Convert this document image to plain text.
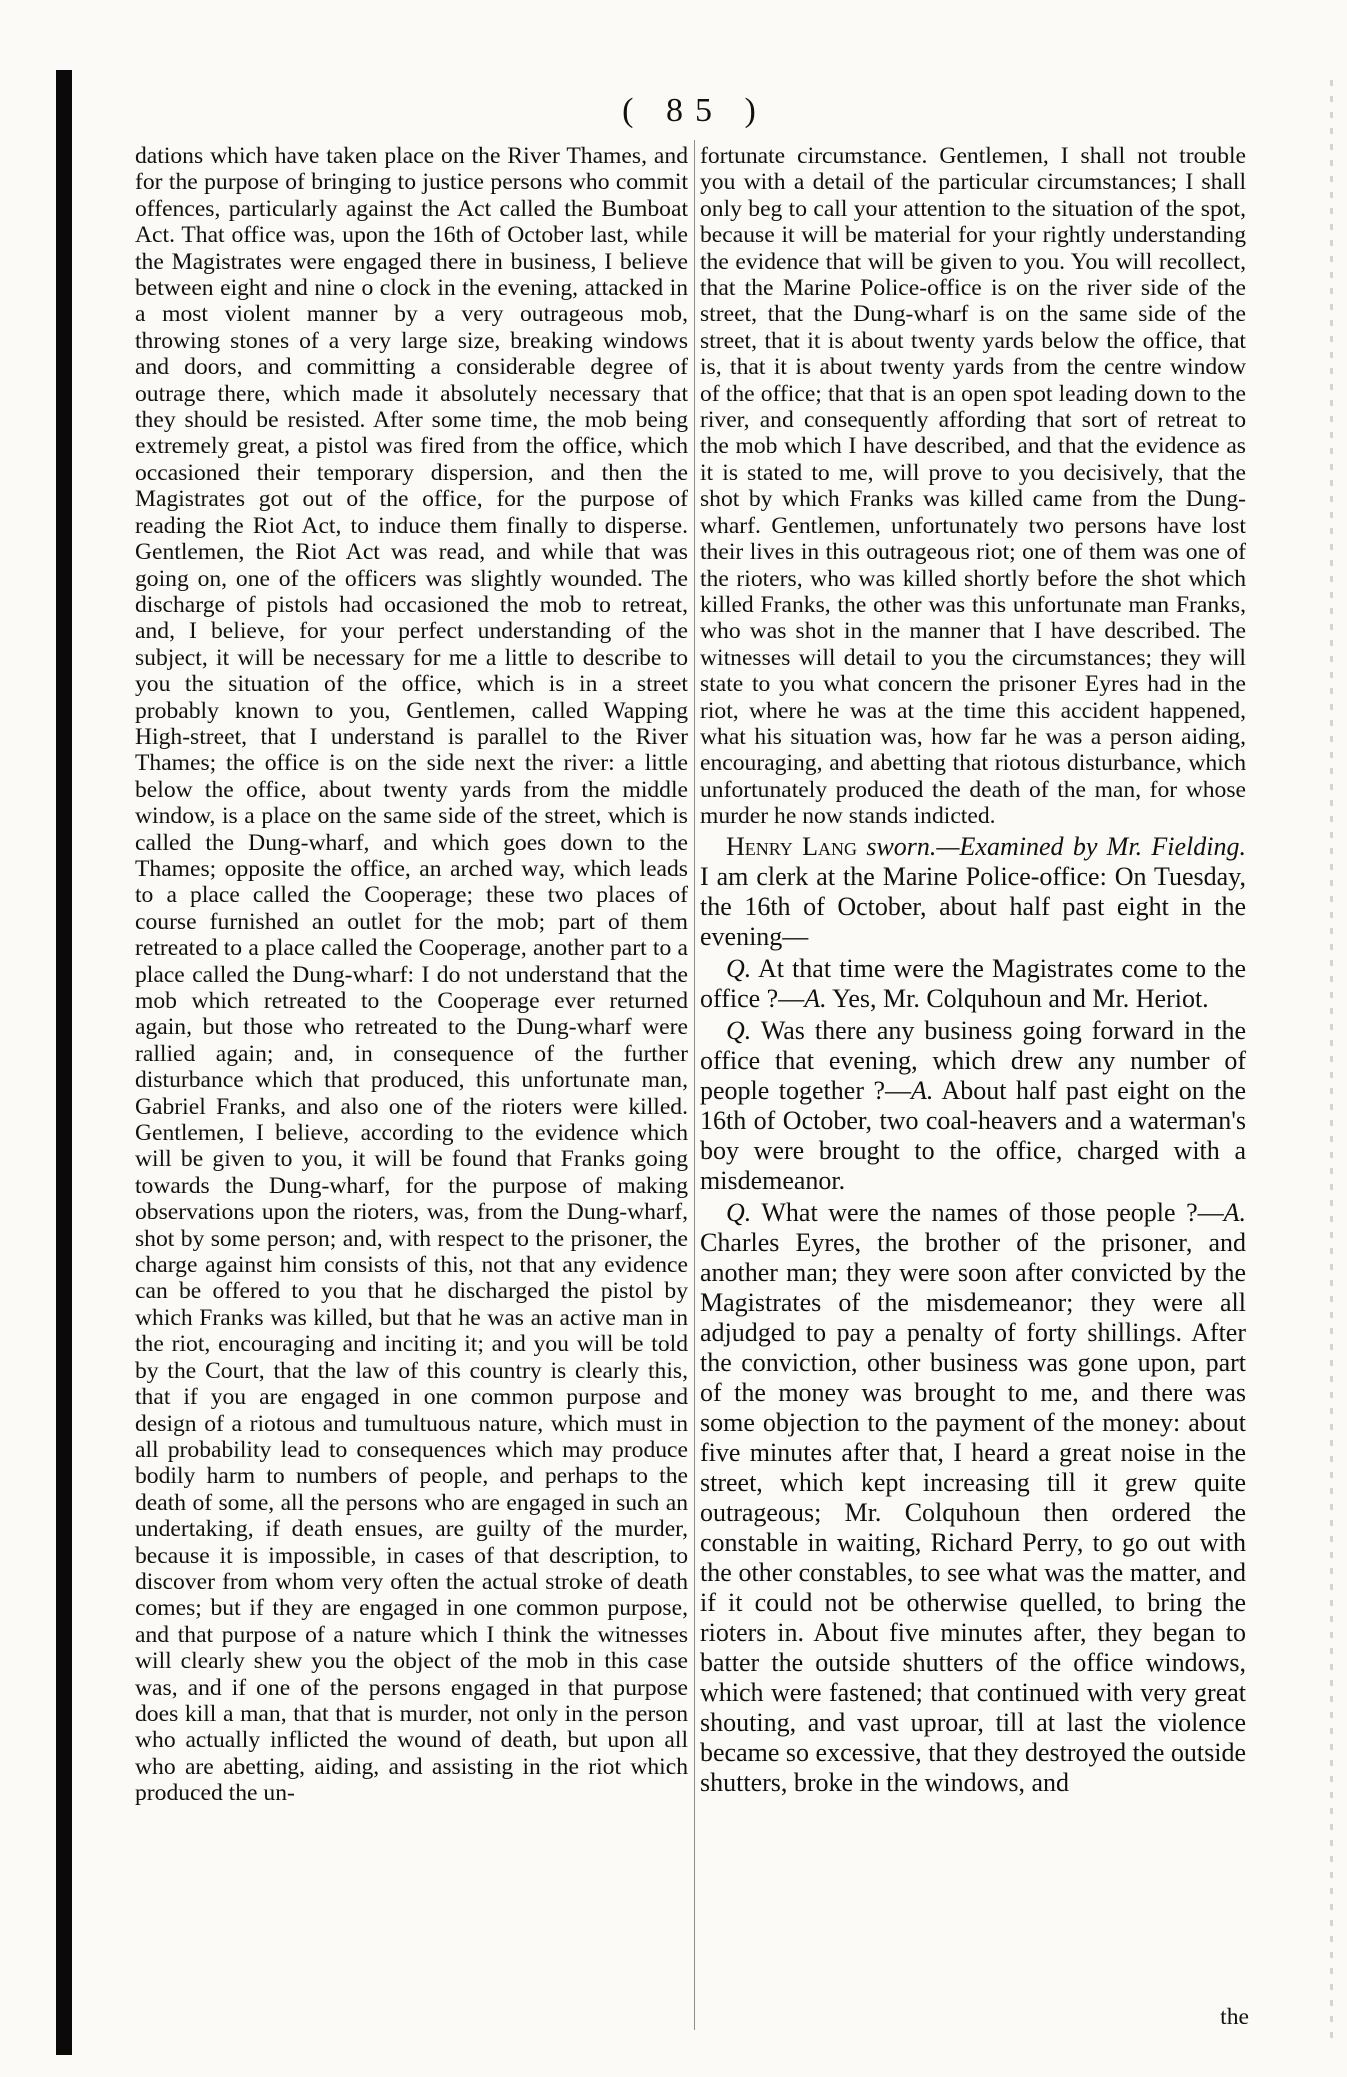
( 85 )
dations which have taken place on the River Thames, and for the purpose of bringing to justice persons who commit offences, particularly against the Act called the Bumboat Act. That office was, upon the 16th of October last, while the Magistrates were engaged there in business, I believe between eight and nine o clock in the evening, attacked in a most violent manner by a very outrageous mob, throwing stones of a very large size, breaking windows and doors, and committing a considerable degree of outrage there, which made it absolutely necessary that they should be resisted. After some time, the mob being extremely great, a pistol was fired from the office, which occasioned their temporary dispersion, and then the Magistrates got out of the office, for the purpose of reading the Riot Act, to induce them finally to disperse. Gentlemen, the Riot Act was read, and while that was going on, one of the officers was slightly wounded. The discharge of pistols had occasioned the mob to retreat, and, I believe, for your perfect understanding of the subject, it will be necessary for me a little to describe to you the situation of the office, which is in a street probably known to you, Gentlemen, called Wapping High-street, that I understand is parallel to the River Thames; the office is on the side next the river: a little below the office, about twenty yards from the middle window, is a place on the same side of the street, which is called the Dung-wharf, and which goes down to the Thames; opposite the office, an arched way, which leads to a place called the Cooperage; these two places of course furnished an outlet for the mob; part of them retreated to a place called the Cooperage, another part to a place called the Dung-wharf: I do not understand that the mob which retreated to the Cooperage ever returned again, but those who retreated to the Dung-wharf were rallied again; and, in consequence of the further disturbance which that produced, this unfortunate man, Gabriel Franks, and also one of the rioters were killed. Gentlemen, I believe, according to the evidence which will be given to you, it will be found that Franks going towards the Dung-wharf, for the purpose of making observations upon the rioters, was, from the Dung-wharf, shot by some person; and, with respect to the prisoner, the charge against him consists of this, not that any evidence can be offered to you that he discharged the pistol by which Franks was killed, but that he was an active man in the riot, encouraging and inciting it; and you will be told by the Court, that the law of this country is clearly this, that if you are engaged in one common purpose and design of a riotous and tumultuous nature, which must in all probability lead to consequences which may produce bodily harm to numbers of people, and perhaps to the death of some, all the persons who are engaged in such an undertaking, if death ensues, are guilty of the murder, because it is impossible, in cases of that description, to discover from whom very often the actual stroke of death comes; but if they are engaged in one common purpose, and that purpose of a nature which I think the witnesses will clearly shew you the object of the mob in this case was, and if one of the persons engaged in that purpose does kill a man, that that is murder, not only in the person who actually inflicted the wound of death, but upon all who are abetting, aiding, and assisting in the riot which produced the un-

fortunate circumstance. Gentlemen, I shall not trouble you with a detail of the particular circumstances; I shall only beg to call your attention to the situation of the spot, because it will be material for your rightly understanding the evidence that will be given to you. You will recollect, that the Marine Police-office is on the river side of the street, that the Dung-wharf is on the same side of the street, that it is about twenty yards below the office, that is, that it is about twenty yards from the centre window of the office; that that is an open spot leading down to the river, and consequently affording that sort of retreat to the mob which I have described, and that the evidence as it is stated to me, will prove to you decisively, that the shot by which Franks was killed came from the Dung-wharf. Gentlemen, unfortunately two persons have lost their lives in this outrageous riot; one of them was one of the rioters, who was killed shortly before the shot which killed Franks, the other was this unfortunate man Franks, who was shot in the manner that I have described. The witnesses will detail to you the circumstances; they will state to you what concern the prisoner Eyres had in the riot, where he was at the time this accident happened, what his situation was, how far he was a person aiding, encouraging, and abetting that riotous disturbance, which unfortunately produced the death of the man, for whose murder he now stands indicted.

Henry Lang sworn.—Examined by Mr. Fielding. I am clerk at the Marine Police-office: On Tuesday, the 16th of October, about half past eight in the evening—

Q. At that time were the Magistrates come to the office ?—A. Yes, Mr. Colquhoun and Mr. Heriot.

Q. Was there any business going forward in the office that evening, which drew any number of people together ?—A. About half past eight on the 16th of October, two coal-heavers and a waterman's boy were brought to the office, charged with a misdemeanor.

Q. What were the names of those people ?—A. Charles Eyres, the brother of the prisoner, and another man; they were soon after convicted by the Magistrates of the misdemeanor; they were all adjudged to pay a penalty of forty shillings. After the conviction, other business was gone upon, part of the money was brought to me, and there was some objection to the payment of the money: about five minutes after that, I heard a great noise in the street, which kept increasing till it grew quite outrageous; Mr. Colquhoun then ordered the constable in waiting, Richard Perry, to go out with the other constables, to see what was the matter, and if it could not be otherwise quelled, to bring the rioters in. About five minutes after, they began to batter the outside shutters of the office windows, which were fastened; that continued with very great shouting, and vast uproar, till at last the violence became so excessive, that they destroyed the outside shutters, broke in the windows, and

the
